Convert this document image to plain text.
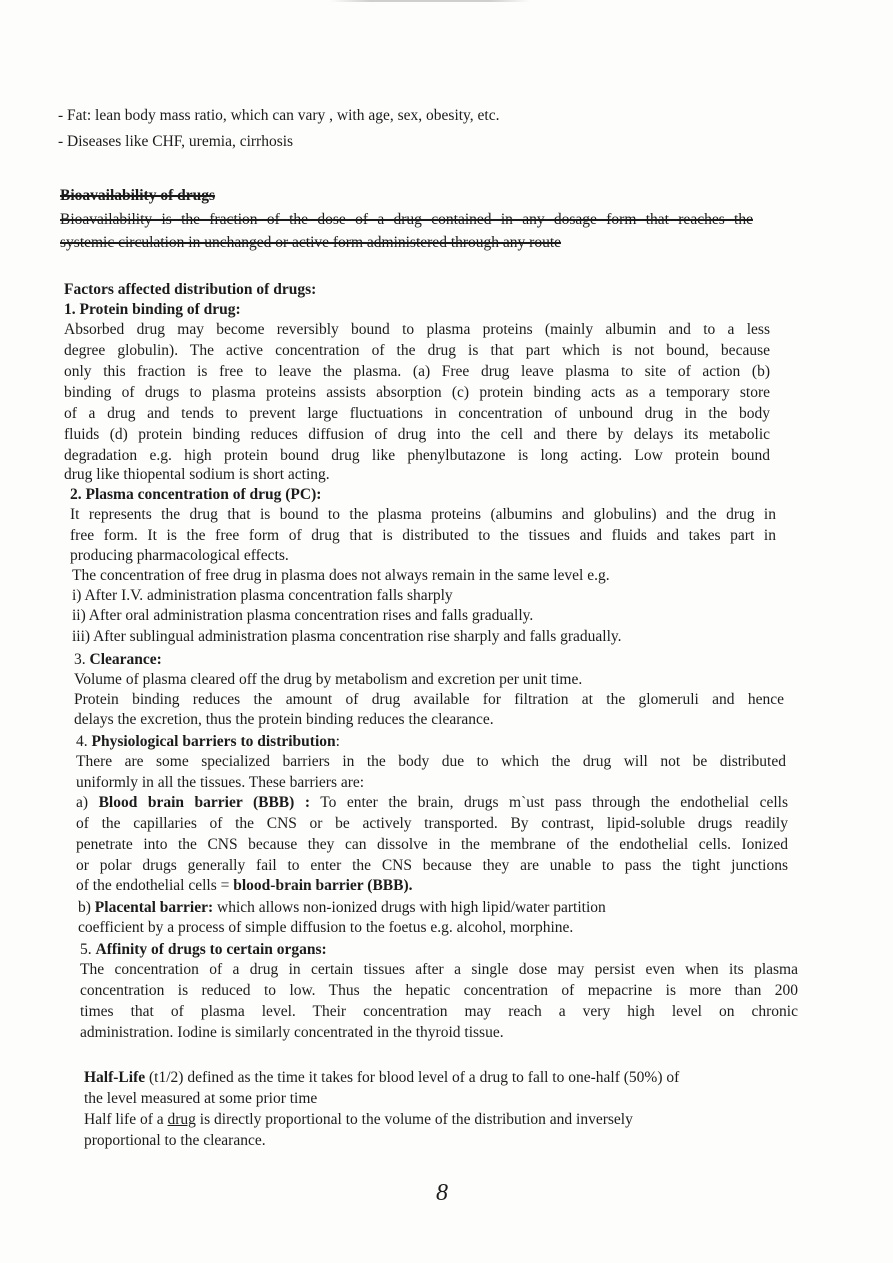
- Fat: lean body mass ratio, which can vary , with age, sex, obesity, etc.
- Diseases like CHF, uremia, cirrhosis
Bioavailability of drugs
Bioavailability is the fraction of the dose of a drug contained in any dosage form that reaches the
systemic circulation in unchanged or active form administered through any route
Factors affected distribution of drugs:
1. Protein binding of drug:
Absorbed drug may become reversibly bound to plasma proteins (mainly albumin and to a less
degree globulin). The active concentration of the drug is that part which is not bound, because
only this fraction is free to leave the plasma. (a) Free drug leave plasma to site of action (b)
binding of drugs to plasma proteins assists absorption (c) protein binding acts as a temporary store
of a drug and tends to prevent large fluctuations in concentration of unbound drug in the body
fluids (d) protein binding reduces diffusion of drug into the cell and there by delays its metabolic
degradation e.g. high protein bound drug like phenylbutazone is long acting. Low protein bound
drug like thiopental sodium is short acting.
2. Plasma concentration of drug (PC):
It represents the drug that is bound to the plasma proteins (albumins and globulins) and the drug in
free form. It is the free form of drug that is distributed to the tissues and fluids and takes part in
producing pharmacological effects.
The concentration of free drug in plasma does not always remain in the same level e.g.
i) After I.V. administration plasma concentration falls sharply
ii) After oral administration plasma concentration rises and falls gradually.
iii) After sublingual administration plasma concentration rise sharply and falls gradually.
3. Clearance:
Volume of plasma cleared off the drug by metabolism and excretion per unit time.
Protein binding reduces the amount of drug available for filtration at the glomeruli and hence
delays the excretion, thus the protein binding reduces the clearance.
4. Physiological barriers to distribution:
There are some specialized barriers in the body due to which the drug will not be distributed
uniformly in all the tissues. These barriers are:
a) Blood brain barrier (BBB) : To enter the brain, drugs m`ust pass through the endothelial cells
of the capillaries of the CNS or be actively transported. By contrast, lipid-soluble drugs readily
penetrate into the CNS because they can dissolve in the membrane of the endothelial cells. Ionized
or polar drugs generally fail to enter the CNS because they are unable to pass the tight junctions
of the endothelial cells = blood-brain barrier (BBB).
b) Placental barrier: which allows non-ionized drugs with high lipid/water partition
coefficient by a process of simple diffusion to the foetus e.g. alcohol, morphine.
5. Affinity of drugs to certain organs:
The concentration of a drug in certain tissues after a single dose may persist even when its plasma
concentration is reduced to low. Thus the hepatic concentration of mepacrine is more than 200
times that of plasma level. Their concentration may reach a very high level on chronic
administration. Iodine is similarly concentrated in the thyroid tissue.
Half-Life (t1/2) defined as the time it takes for blood level of a drug to fall to one-half (50%) of
the level measured at some prior time
Half life of a drug is directly proportional to the volume of the distribution and inversely
proportional to the clearance.
8
